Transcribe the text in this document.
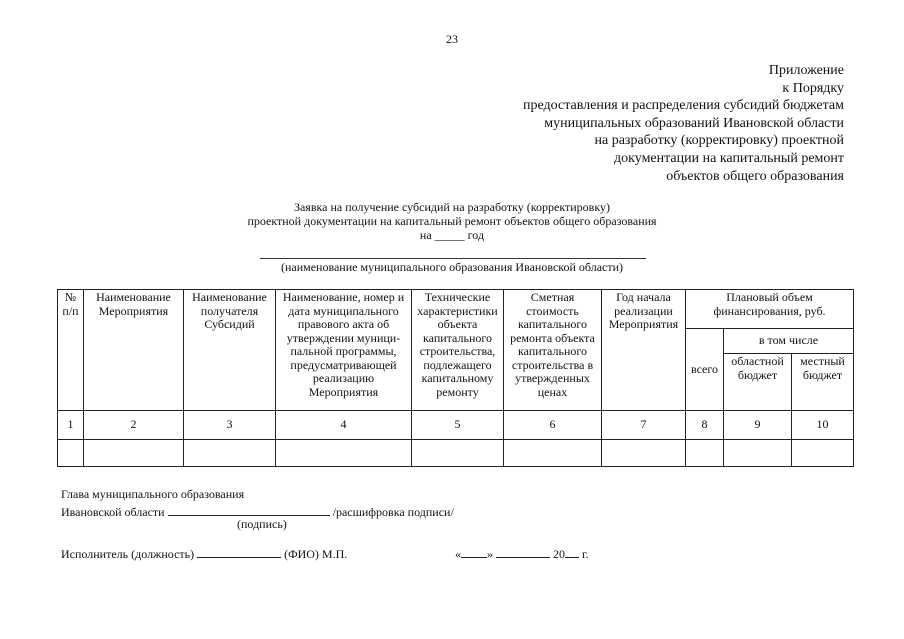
23
Приложение
к Порядку
предоставления и распределения субсидий бюджетам
муниципальных образований Ивановской области
на разработку (корректировку) проектной
документации на капитальный ремонт
объектов общего образования
Заявка на получение субсидий на разработку (корректировку)
проектной документации на капитальный ремонт объектов общего образования
на _____ год
(наименование муниципального образования Ивановской области)
№ п/п	Наименование Мероприятия	Наименование получателя Субсидий	Наименование, номер и дата муниципального правового акта об утверждении муници-пальной программы, предусматривающей реализацию Мероприятия	Технические характеристики объекта капитального строительства, подлежащего капитальному ремонту	Сметная стоимость капитального ремонта объекта капитального строительства в утвержденных ценах	Год начала реализации Мероприятия	Плановый объем финансирования, руб.		
							всего	в том числе	
								областной бюджет	местный бюджет
1	2	3	4	5	6	7	8	9	10

Глава муниципального образования
Ивановской области	/расшифровка подписи/
(подпись)
Исполнитель (должность)	(ФИО) М.П.	« »	20 г.
